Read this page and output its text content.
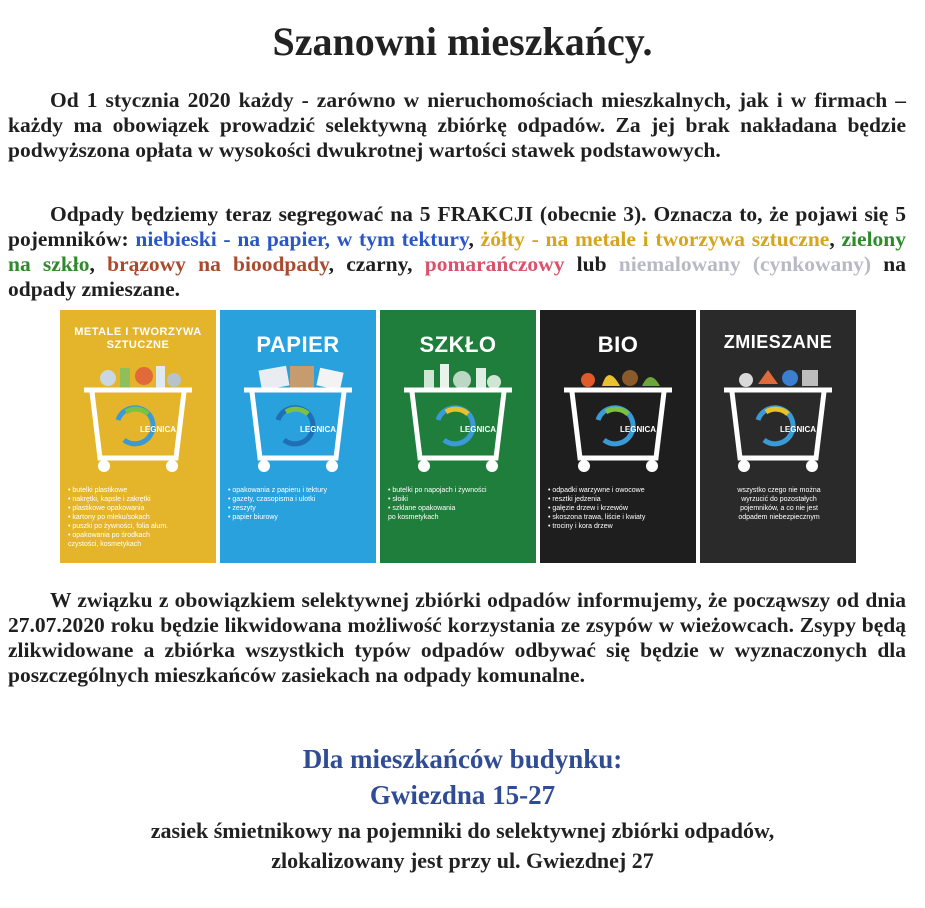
Szanowni mieszkańcy.
Od 1 stycznia 2020 każdy - zarówno w nieruchomościach mieszkalnych, jak i w firmach – każdy ma obowiązek prowadzić selektywną zbiórkę odpadów. Za jej brak nakładana będzie podwyższona opłata w wysokości dwukrotnej wartości stawek podstawowych.
Odpady będziemy teraz segregować na 5 FRAKCJI (obecnie 3). Oznacza to, że pojawi się 5 pojemników: niebieski - na papier, w tym tektury, żółty - na metale i tworzywa sztuczne, zielony na szkło, brązowy na bioodpady, czarny, pomarańczowy lub niemalowany (cynkowany) na odpady zmieszane.
METALE I TWORZYWA SZTUCZNE
LEGNICA
• butelki plastikowe
• nakrętki, kapsle i zakrętki
• plastikowe opakowania
• kartony po mleku/sokach
• puszki po żywności, folia alum.
• opakowania po środkach
czystości, kosmetykach
PAPIER
LEGNICA
• opakowania z papieru i tektury
• gazety, czasopisma i ulotki
• zeszyty
• papier biurowy
SZKŁO
LEGNICA
• butelki po napojach i żywności
• słoiki
• szklane opakowania
po kosmetykach
BIO
LEGNICA
• odpadki warzywne i owocowe
• resztki jedzenia
• gałęzie drzew i krzewów
• skoszona trawa, liście i kwiaty
• trociny i kora drzew
ZMIESZANE
LEGNICA
wszystko czego nie można
wyrzucić do pozostałych
pojemników, a co nie jest
odpadem niebezpiecznym
W związku z obowiązkiem selektywnej zbiórki odpadów informujemy, że począwszy od dnia 27.07.2020 roku będzie likwidowana możliwość korzystania ze zsypów w wieżowcach. Zsypy będą zlikwidowane a zbiórka wszystkich typów odpadów odbywać się będzie w wyznaczonych dla poszczególnych mieszkańców zasiekach na odpady komunalne.
Dla mieszkańców budynku:
Gwiezdna 15-27
zasiek śmietnikowy na pojemniki do selektywnej zbiórki odpadów,
zlokalizowany jest przy ul. Gwiezdnej 27
